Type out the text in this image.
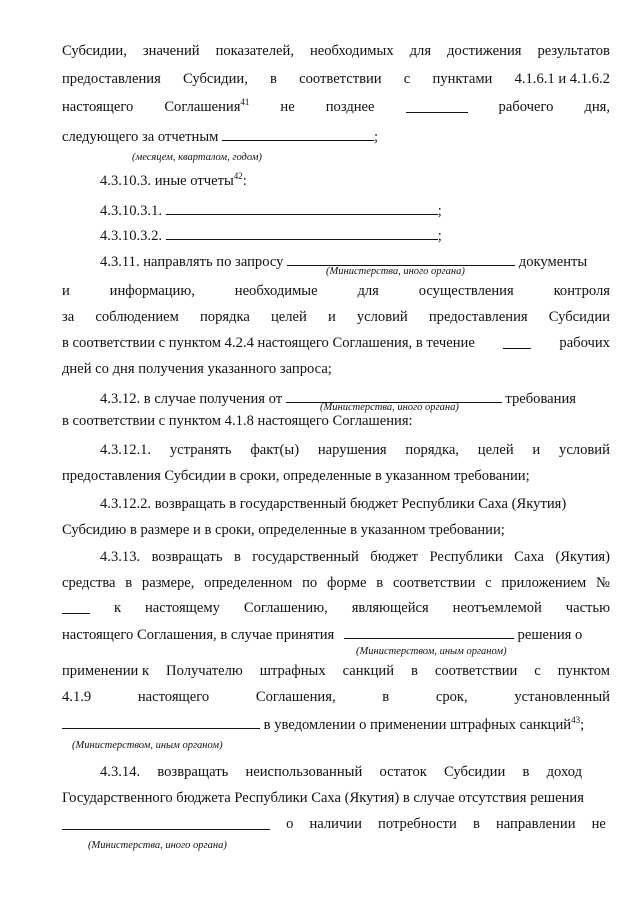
Субсидии, значений показателей, необходимых для достижения результатов
предоставления Субсидии, в соответствии с пунктами 4.1.6.1 и 4.1.6.2
настоящего Соглашения$^{41}$ не позднее	рабочего дня,
следующего за отчетным	;
(месяцем, кварталом, годом)
4.3.10.3. иные отчеты$^{42}$:
4.3.10.3.1.	;
4.3.10.3.2.	;
4.3.11. направлять по запросу	документы
(Министерства, иного органа)
и	информацию,	необходимые	для	осуществления	контроля
за соблюдением порядка целей и условий предоставления Субсидии
в соответствии с пунктом 4.2.4 настоящего Соглашения, в течение	рабочих
дней со дня получения указанного запроса;
4.3.12. в случае получения от	требования
(Министерства, иного органа)
в соответствии с пунктом 4.1.8 настоящего Соглашения:
4.3.12.1. устранять факт(ы) нарушения порядка, целей и условий
предоставления Субсидии в сроки, определенные в указанном требовании;
4.3.12.2. возвращать в государственный бюджет Республики Саха (Якутия)
Субсидию в размере и в сроки, определенные в указанном требовании;
4.3.13. возвращать в государственный бюджет Республики Саха (Якутия)
средства в размере, определенном по форме в соответствии с приложением №
к настоящему Соглашению, являющейся неотъемлемой частью
настоящего Соглашения, в случае принятия	решения о
(Министерством, иным органом)
применении к Получателю штрафных санкций в соответствии с пунктом
4.1.9	настоящего	Соглашения,	в	срок,	установленный
в уведомлении о применении штрафных санкций$^{43}$;
(Министерством, иным органом)
4.3.14. возвращать неиспользованный остаток Субсидии в доход
Государственного бюджета Республики Саха (Якутия) в случае отсутствия решения
о наличии потребности в направлении не
(Министерства, иного органа)
